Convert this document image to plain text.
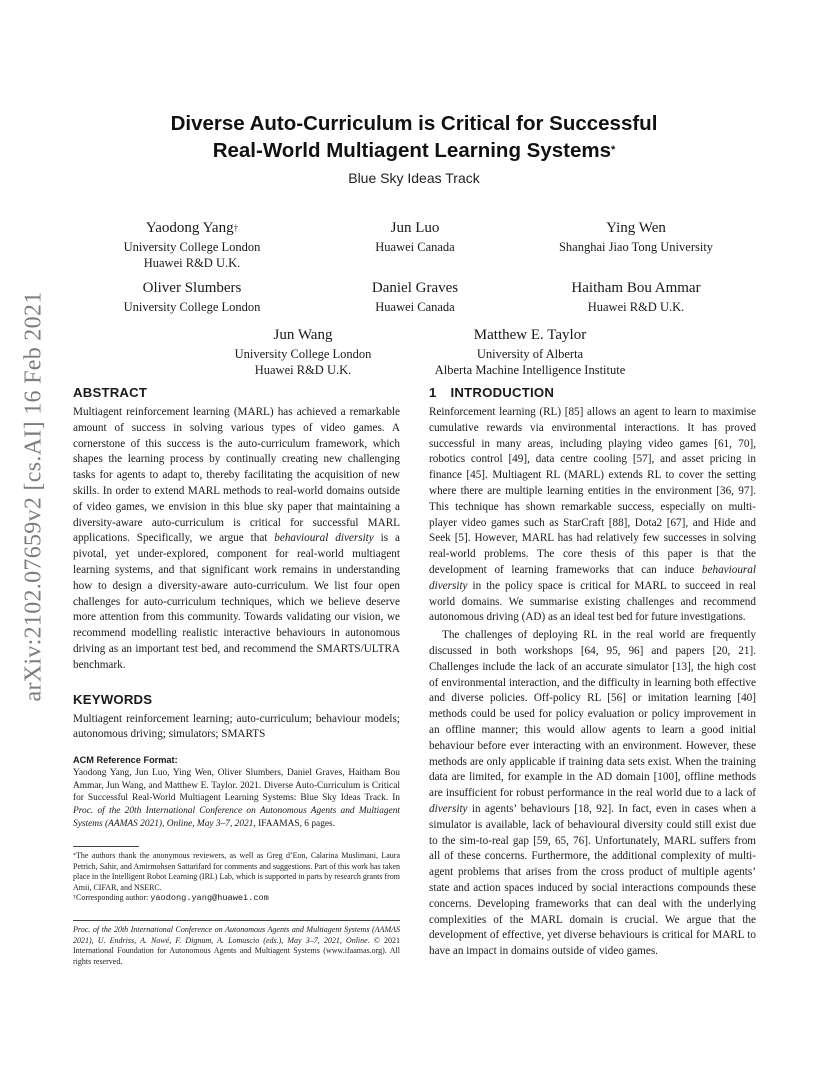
arXiv:2102.07659v2 [cs.AI] 16 Feb 2021
Diverse Auto-Curriculum is Critical for Successful
Real-World Multiagent Learning Systems*
Blue Sky Ideas Track
Yaodong Yang†
University College London
Huawei R&D U.K.
Jun Luo
Huawei Canada
Ying Wen
Shanghai Jiao Tong University
Oliver Slumbers
University College London
Daniel Graves
Huawei Canada
Haitham Bou Ammar
Huawei R&D U.K.
Jun Wang
University College London
Huawei R&D U.K.
Matthew E. Taylor
University of Alberta
Alberta Machine Intelligence Institute
ABSTRACT

Multiagent reinforcement learning (MARL) has achieved a remarkable amount of success in solving various types of video games. A cornerstone of this success is the auto-curriculum framework, which shapes the learning process by continually creating new challenging tasks for agents to adapt to, thereby facilitating the acquisition of new skills. In order to extend MARL methods to real-world domains outside of video games, we envision in this blue sky paper that maintaining a diversity-aware auto-curriculum is critical for successful MARL applications. Specifically, we argue that behavioural diversity is a pivotal, yet under-explored, component for real-world multiagent learning systems, and that significant work remains in understanding how to design a diversity-aware auto-curriculum. We list four open challenges for auto-curriculum techniques, which we believe deserve more attention from this community. Towards validating our vision, we recommend modelling realistic interactive behaviours in autonomous driving as an important test bed, and recommend the SMARTS/ULTRA benchmark.

KEYWORDS

Multiagent reinforcement learning; auto-curriculum; behaviour models; autonomous driving; simulators; SMARTS

ACM Reference Format:

Yaodong Yang, Jun Luo, Ying Wen, Oliver Slumbers, Daniel Graves, Haitham Bou Ammar, Jun Wang, and Matthew E. Taylor. 2021. Diverse Auto-Curriculum is Critical for Successful Real-World Multiagent Learning Systems: Blue Sky Ideas Track. In Proc. of the 20th International Conference on Autonomous Agents and Multiagent Systems (AAMAS 2021), Online, May 3–7, 2021, IFAAMAS, 6 pages.

*The authors thank the anonymous reviewers, as well as Greg d’Eon, Calarina Muslimani, Laura Petrich, Sahir, and Amirmohsen Sattarifard for comments and suggestions. Part of this work has taken place in the Intelligent Robot Learning (IRL) Lab, which is supported in parts by research grants from Amii, CIFAR, and NSERC.

†Corresponding author: yaodong.yang@huawei.com

Proc. of the 20th International Conference on Autonomous Agents and Multiagent Systems (AAMAS 2021), U. Endriss, A. Nowé, F. Dignum, A. Lomuscio (eds.), May 3–7, 2021, Online. © 2021 International Foundation for Autonomous Agents and Multiagent Systems (www.ifaamas.org). All rights reserved.

1 INTRODUCTION

Reinforcement learning (RL) [85] allows an agent to learn to maximise cumulative rewards via environmental interactions. It has proved successful in many areas, including playing video games [61, 70], robotics control [49], data centre cooling [57], and asset pricing in finance [45]. Multiagent RL (MARL) extends RL to cover the setting where there are multiple learning entities in the environment [36, 97]. This technique has shown remarkable success, especially on multi-player video games such as StarCraft [88], Dota2 [67], and Hide and Seek [5]. However, MARL has had relatively few successes in solving real-world problems. The core thesis of this paper is that the development of learning frameworks that can induce behavioural diversity in the policy space is critical for MARL to succeed in real world domains. We summarise existing challenges and recommend autonomous driving (AD) as an ideal test bed for future investigations.

The challenges of deploying RL in the real world are frequently discussed in both workshops [64, 95, 96] and papers [20, 21]. Challenges include the lack of an accurate simulator [13], the high cost of environmental interaction, and the difficulty in learning both effective and diverse policies. Off-policy RL [56] or imitation learning [40] methods could be used for policy evaluation or policy improvement in an offline manner; this would allow agents to learn a good initial behaviour before ever interacting with an environment. However, these methods are only applicable if training data sets exist. When the training data are limited, for example in the AD domain [100], offline methods are insufficient for robust performance in the real world due to a lack of diversity in agents’ behaviours [18, 92]. In fact, even in cases when a simulator is available, lack of behavioural diversity could still exist due to the sim-to-real gap [59, 65, 76]. Unfortunately, MARL suffers from all of these concerns. Furthermore, the additional complexity of multi-agent problems that arises from the cross product of multiple agents’ state and action spaces induced by social interactions compounds these concerns. Developing frameworks that can deal with the underlying complexities of the MARL domain is crucial. We argue that the development of effective, yet diverse behaviours is critical for MARL to have an impact in domains outside of video games.
